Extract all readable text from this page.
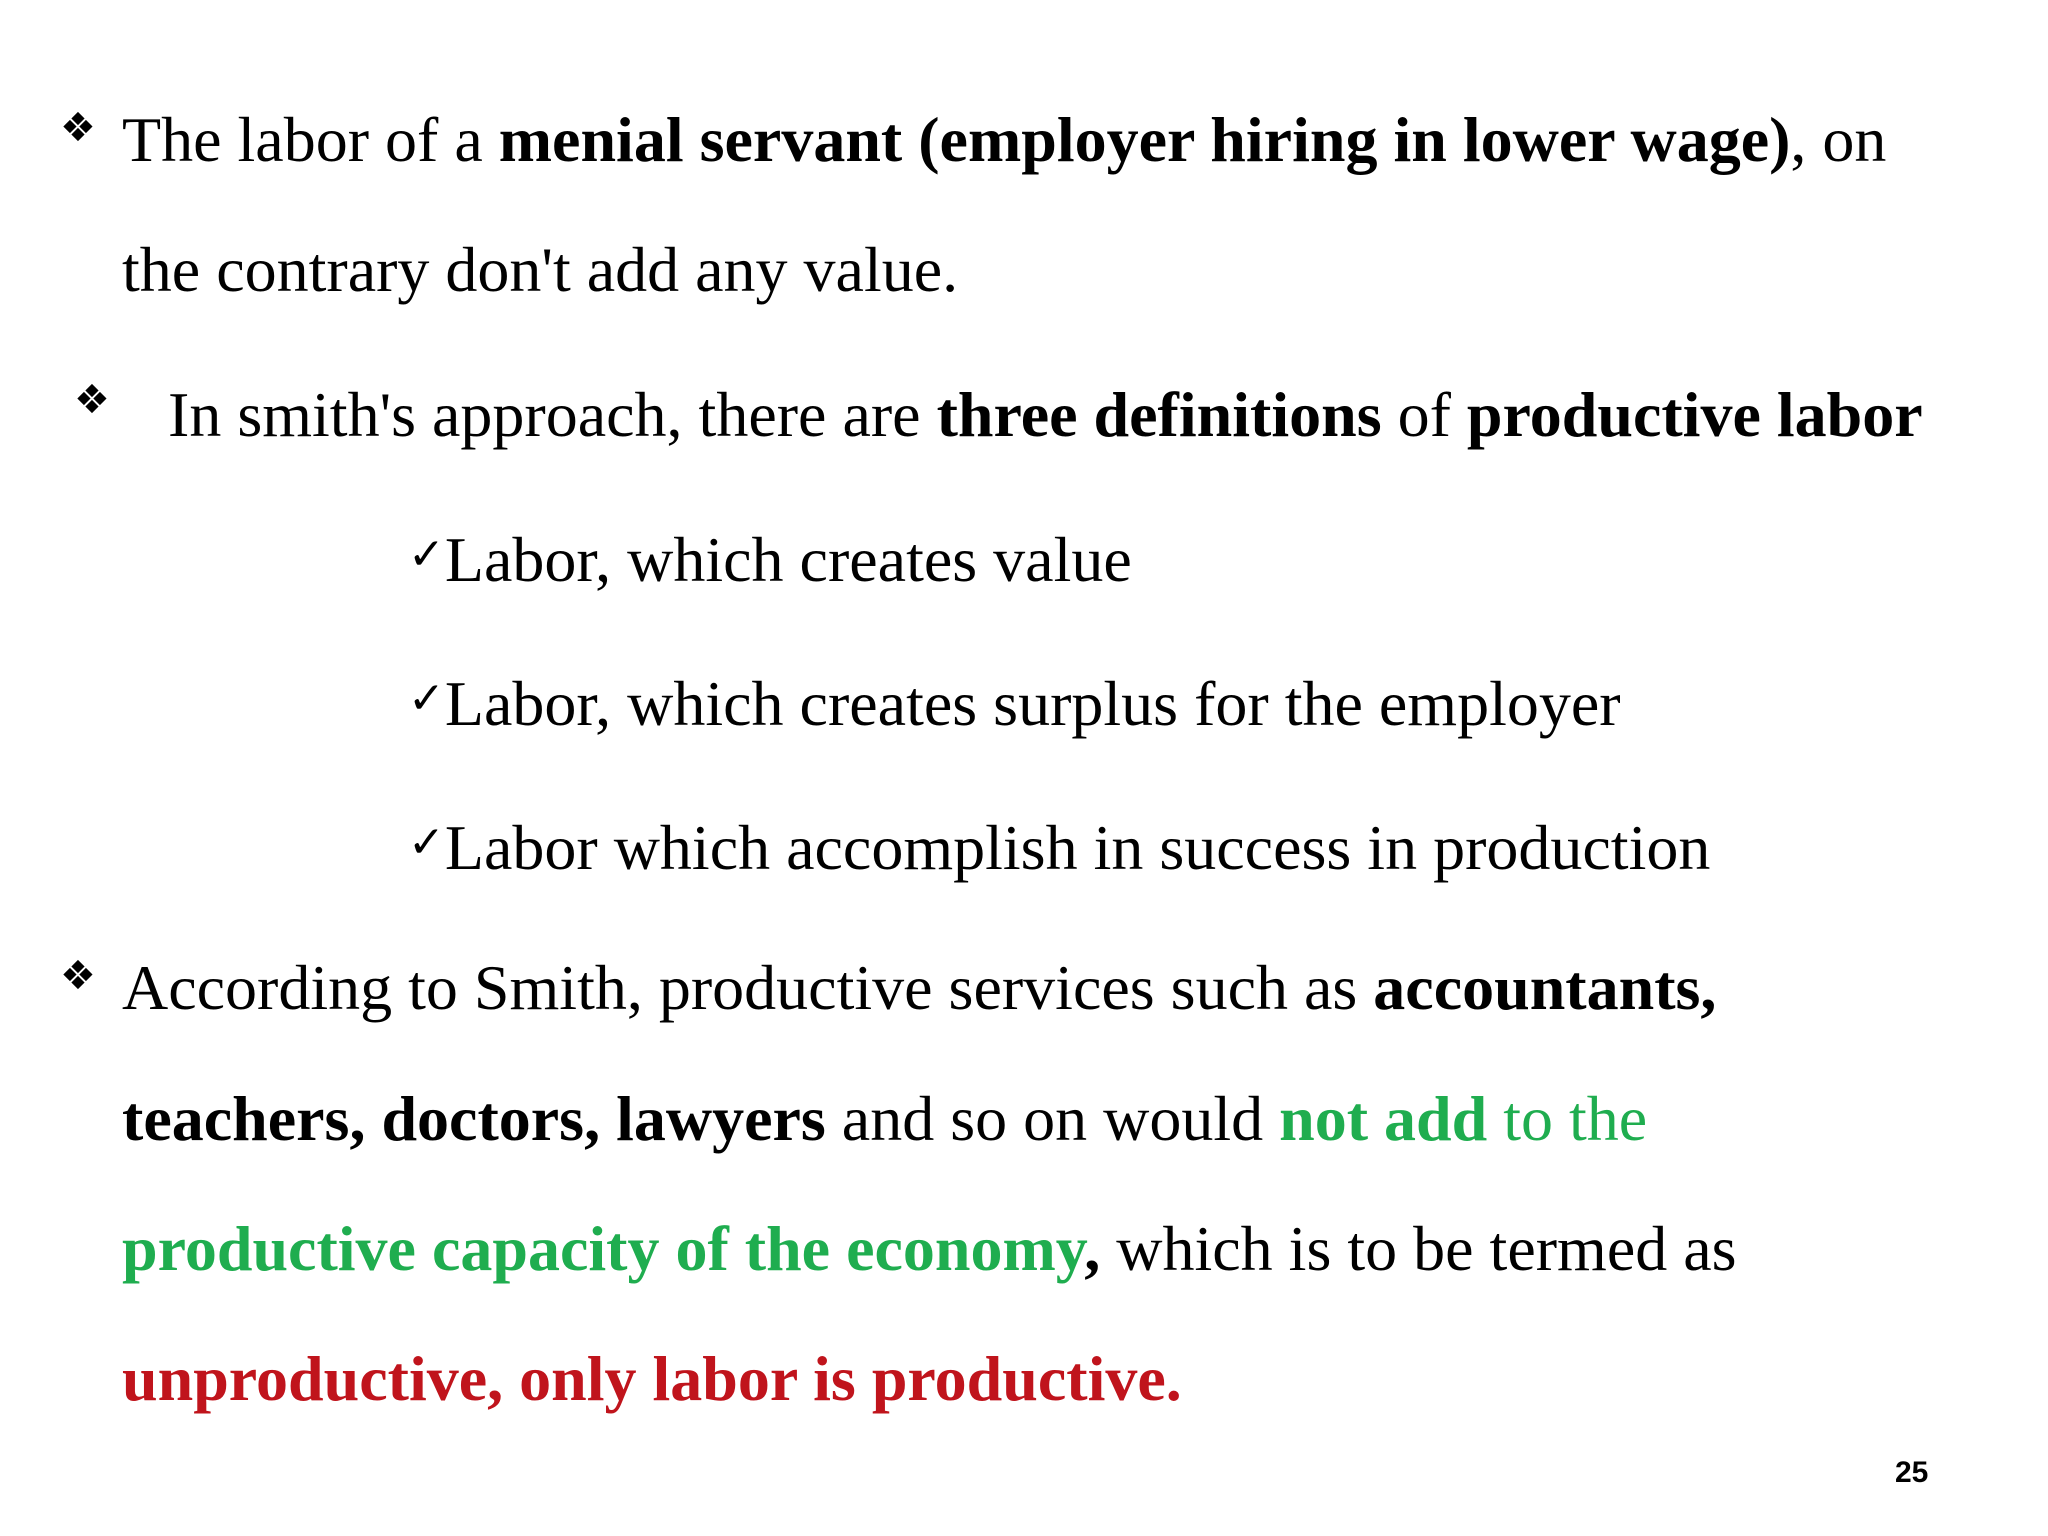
❖ The labor of a menial servant (employer hiring in lower wage), on
the contrary don't add any value.
❖ In smith's approach, there are three definitions of productive labor
✓Labor, which creates value
✓Labor, which creates surplus for the employer
✓Labor which accomplish in success in production
❖ According to Smith, productive services such as accountants,
teachers, doctors, lawyers and so on would not add to the
productive capacity of the economy, which is to be termed as
unproductive, only labor is productive.
25
